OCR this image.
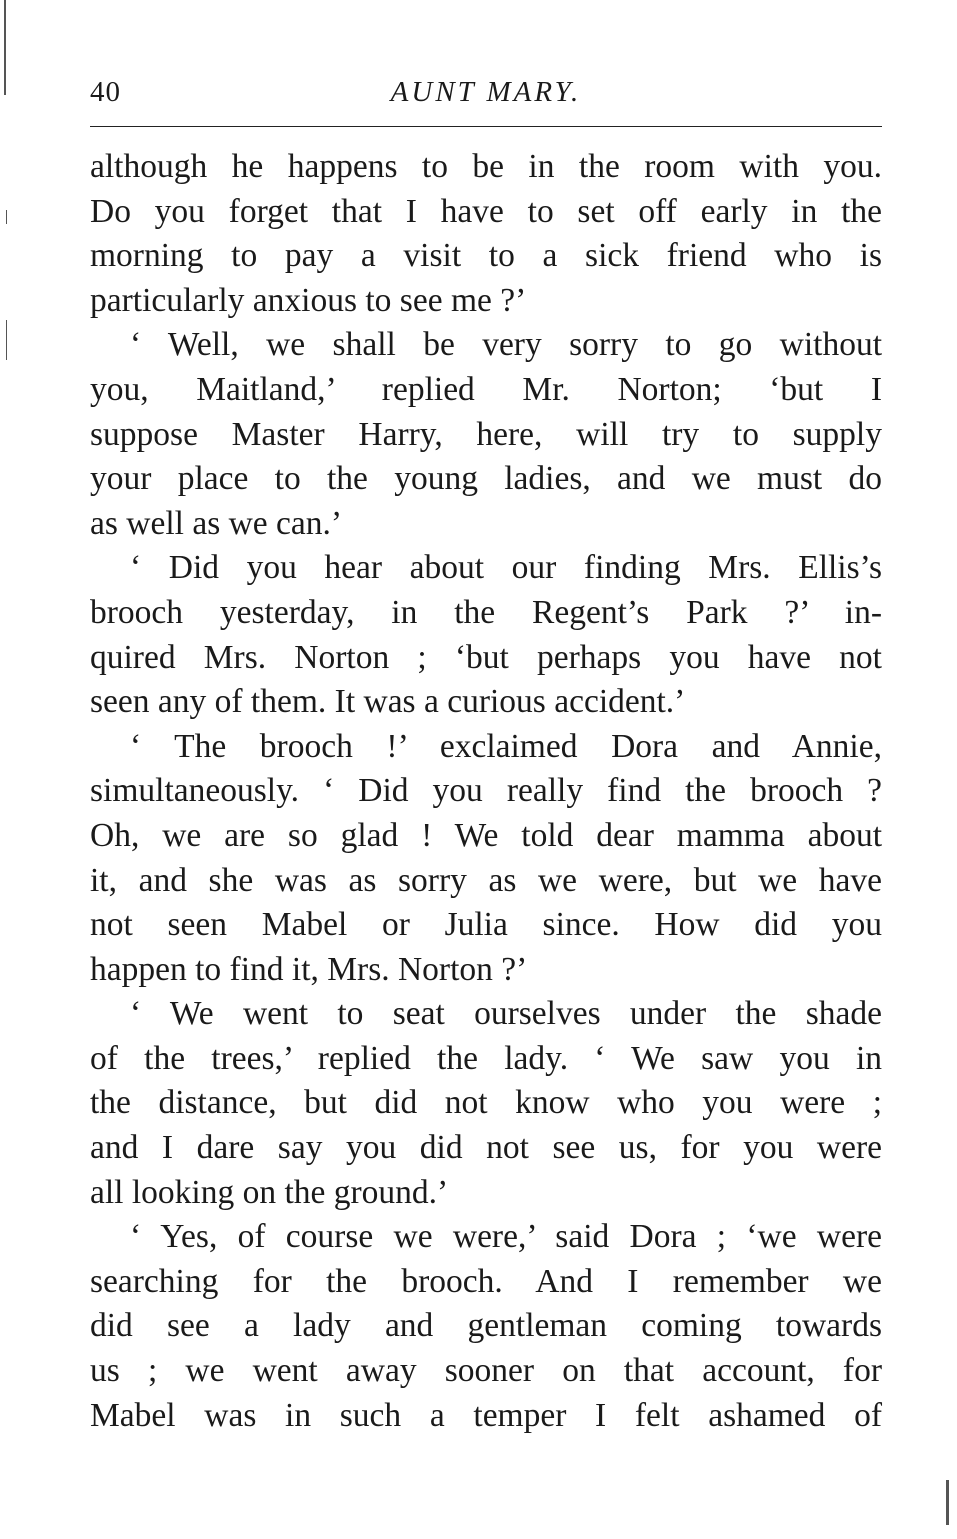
40	AUNT MARY.
although he happens to be in the room with you.
Do you forget that I have to set off early in the
morning to pay a visit to a sick friend who is
particularly anxious to see me ?’
‘ Well, we shall be very sorry to go without
you, Maitland,’ replied Mr. Norton; ‘but I
suppose Master Harry, here, will try to supply
your place to the young ladies, and we must do
as well as we can.’
‘ Did you hear about our finding Mrs. Ellis’s
brooch yesterday, in the Regent’s Park ?’ in-
quired Mrs. Norton ; ‘but perhaps you have not
seen any of them. It was a curious accident.’
‘ The brooch !’ exclaimed Dora and Annie,
simultaneously. ‘ Did you really find the brooch ?
Oh, we are so glad ! We told dear mamma about
it, and she was as sorry as we were, but we have
not seen Mabel or Julia since. How did you
happen to find it, Mrs. Norton ?’
‘ We went to seat ourselves under the shade
of the trees,’ replied the lady. ‘ We saw you in
the distance, but did not know who you were ;
and I dare say you did not see us, for you were
all looking on the ground.’
‘ Yes, of course we were,’ said Dora ; ‘we were
searching for the brooch. And I remember we
did see a lady and gentleman coming towards
us ; we went away sooner on that account, for
Mabel was in such a temper I felt ashamed of
